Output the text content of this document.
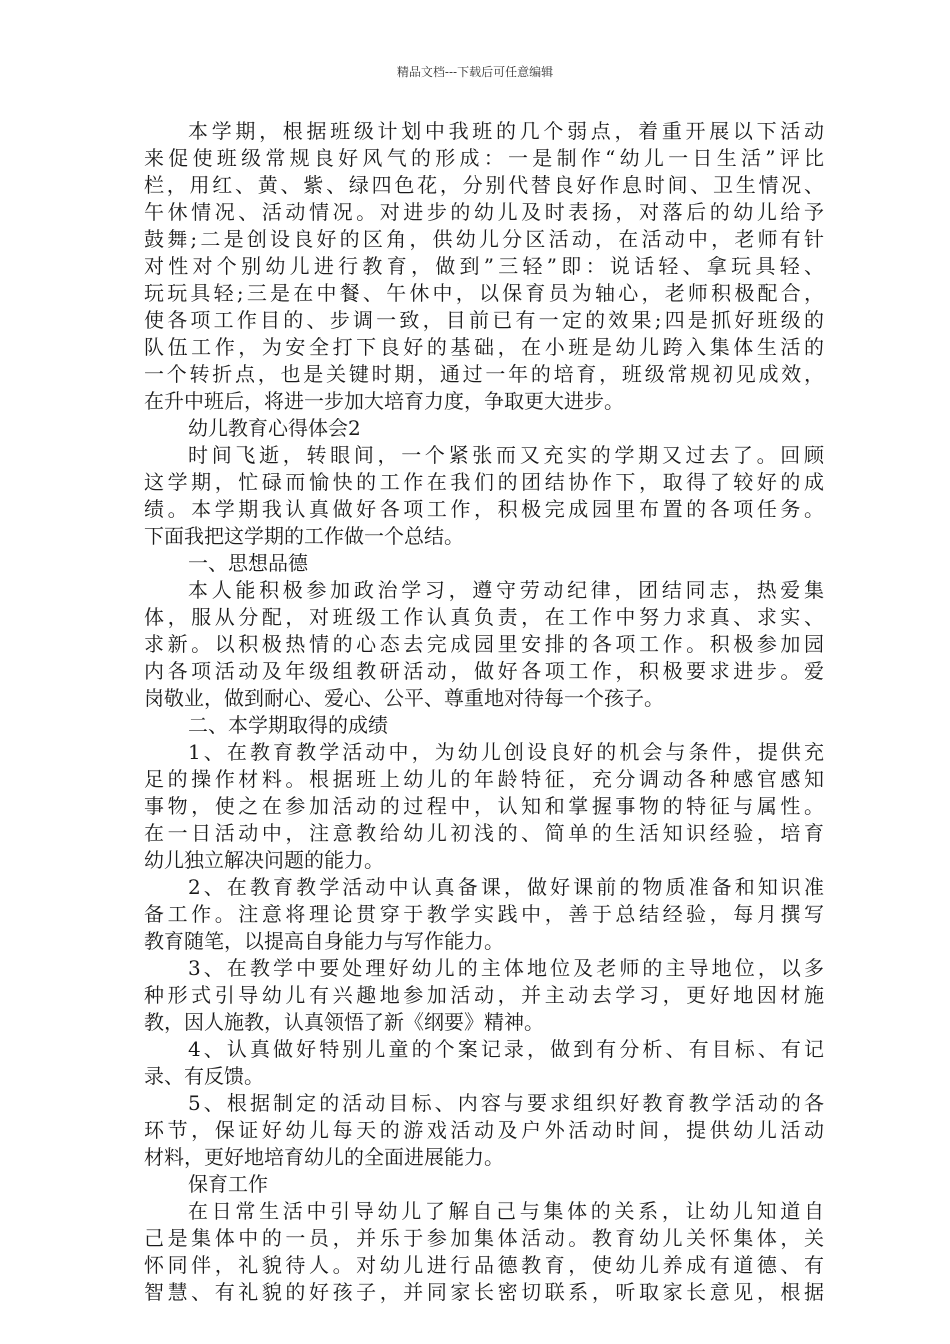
精品文档---下载后可任意编辑
本学期，根据班级计划中我班的几个弱点，着重开展以下活动
来促使班级常规良好风气的形成：一是制作“幼儿一日生活”评比
栏，用红、黄、紫、绿四色花，分别代替良好作息时间、卫生情况、
午休情况、活动情况。对进步的幼儿及时表扬，对落后的幼儿给予
鼓舞;二是创设良好的区角，供幼儿分区活动，在活动中，老师有针
对性对个别幼儿进行教育，做到”三轻”即：说话轻、拿玩具轻、
玩玩具轻;三是在中餐、午休中，以保育员为轴心，老师积极配合，
使各项工作目的、步调一致，目前已有一定的效果;四是抓好班级的
队伍工作，为安全打下良好的基础，在小班是幼儿跨入集体生活的
一个转折点，也是关键时期，通过一年的培育，班级常规初见成效，
在升中班后，将进一步加大培育力度，争取更大进步。
幼儿教育心得体会2
时间飞逝，转眼间，一个紧张而又充实的学期又过去了。回顾
这学期，忙碌而愉快的工作在我们的团结协作下，取得了较好的成
绩。本学期我认真做好各项工作，积极完成园里布置的各项任务。
下面我把这学期的工作做一个总结。
一、思想品德
本人能积极参加政治学习，遵守劳动纪律，团结同志，热爱集
体，服从分配，对班级工作认真负责，在工作中努力求真、求实、
求新。以积极热情的心态去完成园里安排的各项工作。积极参加园
内各项活动及年级组教研活动，做好各项工作，积极要求进步。爱
岗敬业，做到耐心、爱心、公平、尊重地对待每一个孩子。
二、本学期取得的成绩
1、在教育教学活动中，为幼儿创设良好的机会与条件，提供充
足的操作材料。根据班上幼儿的年龄特征，充分调动各种感官感知
事物，使之在参加活动的过程中，认知和掌握事物的特征与属性。
在一日活动中，注意教给幼儿初浅的、简单的生活知识经验，培育
幼儿独立解决问题的能力。
2、在教育教学活动中认真备课，做好课前的物质准备和知识准
备工作。注意将理论贯穿于教学实践中，善于总结经验，每月撰写
教育随笔，以提高自身能力与写作能力。
3、在教学中要处理好幼儿的主体地位及老师的主导地位，以多
种形式引导幼儿有兴趣地参加活动，并主动去学习，更好地因材施
教，因人施教，认真领悟了新《纲要》精神。
4、认真做好特别儿童的个案记录，做到有分析、有目标、有记
录、有反馈。
5、根据制定的活动目标、内容与要求组织好教育教学活动的各
环节，保证好幼儿每天的游戏活动及户外活动时间，提供幼儿活动
材料，更好地培育幼儿的全面进展能力。
保育工作
在日常生活中引导幼儿了解自己与集体的关系，让幼儿知道自
己是集体中的一员，并乐于参加集体活动。教育幼儿关怀集体，关
怀同伴，礼貌待人。对幼儿进行品德教育，使幼儿养成有道德、有
智慧、有礼貌的好孩子，并同家长密切联系，听取家长意见，根据
